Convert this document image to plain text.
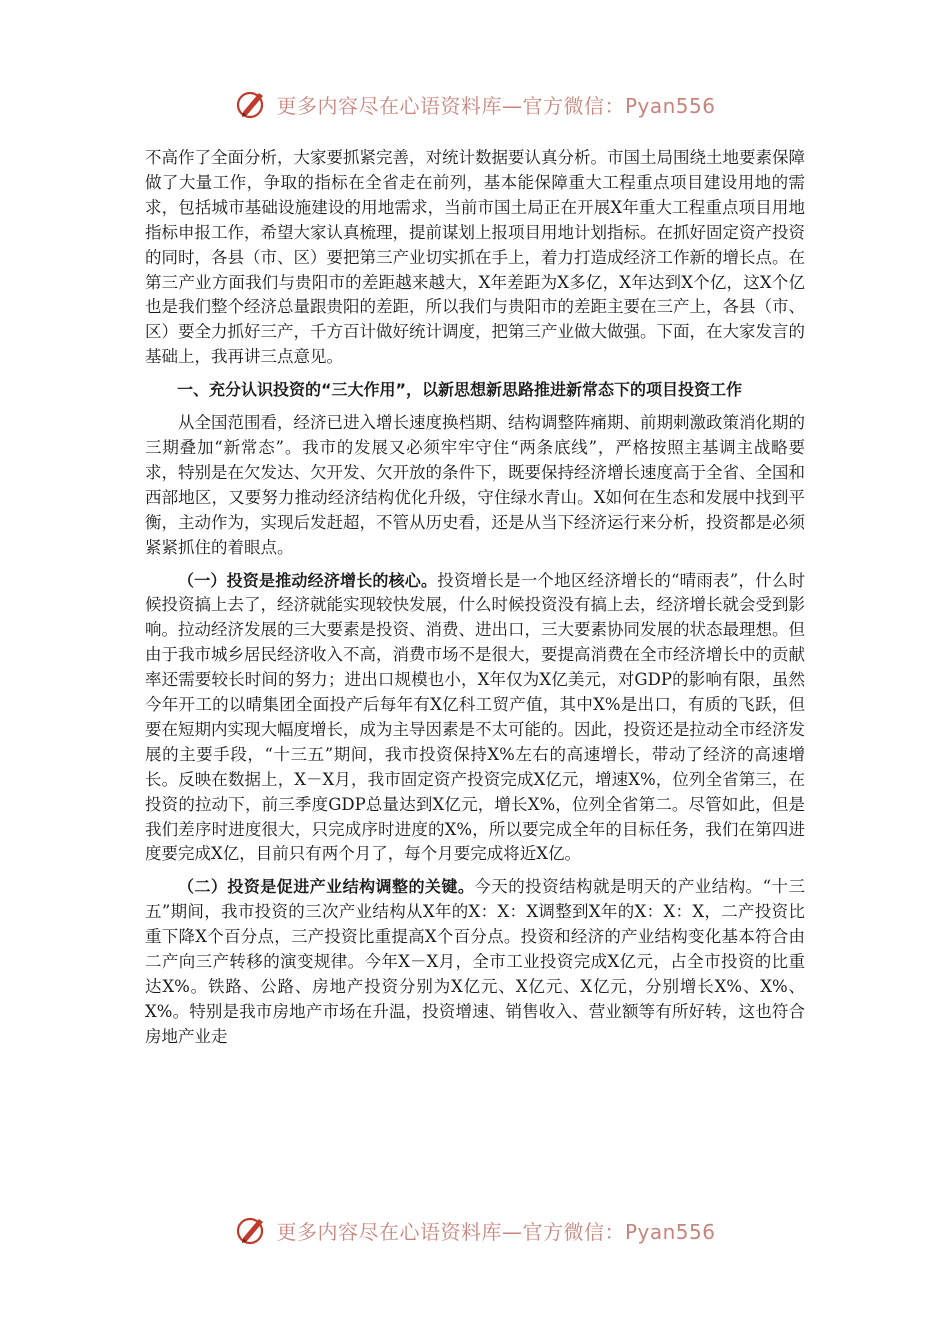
更多内容尽在心语资料库—官方微信：Pyan556

不高作了全面分析，大家要抓紧完善，对统计数据要认真分析。市国土局围绕土地要素保障做了大量工作，争取的指标在全省走在前列，基本能保障重大工程重点项目建设用地的需求，包括城市基础设施建设的用地需求，当前市国土局正在开展X年重大工程重点项目用地指标申报工作，希望大家认真梳理，提前谋划上报项目用地计划指标。在抓好固定资产投资的同时，各县（市、区）要把第三产业切实抓在手上，着力打造成经济工作新的增长点。在第三产业方面我们与贵阳市的差距越来越大，X年差距为X多亿，X年达到X个亿，这X个亿也是我们整个经济总量跟贵阳的差距，所以我们与贵阳市的差距主要在三产上，各县（市、区）要全力抓好三产，千方百计做好统计调度，把第三产业做大做强。下面，在大家发言的基础上，我再讲三点意见。

一、充分认识投资的“三大作用”，以新思想新思路推进新常态下的项目投资工作

从全国范围看，经济已进入增长速度换档期、结构调整阵痛期、前期刺激政策消化期的三期叠加“新常态”。我市的发展又必须牢牢守住“两条底线”，严格按照主基调主战略要求，特别是在欠发达、欠开发、欠开放的条件下，既要保持经济增长速度高于全省、全国和西部地区，又要努力推动经济结构优化升级，守住绿水青山。X如何在生态和发展中找到平衡，主动作为，实现后发赶超，不管从历史看，还是从当下经济运行来分析，投资都是必须紧紧抓住的着眼点。

（一）投资是推动经济增长的核心。投资增长是一个地区经济增长的“晴雨表”，什么时候投资搞上去了，经济就能实现较快发展，什么时候投资没有搞上去，经济增长就会受到影响。拉动经济发展的三大要素是投资、消费、进出口，三大要素协同发展的状态最理想。但由于我市城乡居民经济收入不高，消费市场不是很大，要提高消费在全市经济增长中的贡献率还需要较长时间的努力；进出口规模也小，X年仅为X亿美元，对GDP的影响有限，虽然今年开工的以晴集团全面投产后每年有X亿科工贸产值，其中X%是出口，有质的飞跃，但要在短期内实现大幅度增长，成为主导因素是不太可能的。因此，投资还是拉动全市经济发展的主要手段，“十三五”期间，我市投资保持X%左右的高速增长，带动了经济的高速增长。反映在数据上，X－X月，我市固定资产投资完成X亿元，增速X%，位列全省第三，在投资的拉动下，前三季度GDP总量达到X亿元，增长X%，位列全省第二。尽管如此，但是我们差序时进度很大，只完成序时进度的X%，所以要完成全年的目标任务，我们在第四进度要完成X亿，目前只有两个月了，每个月要完成将近X亿。

（二）投资是促进产业结构调整的关键。今天的投资结构就是明天的产业结构。“十三五”期间，我市投资的三次产业结构从X年的X：X：X调整到X年的X：X：X，二产投资比重下降X个百分点，三产投资比重提高X个百分点。投资和经济的产业结构变化基本符合由二产向三产转移的演变规律。今年X－X月，全市工业投资完成X亿元，占全市投资的比重达X%。铁路、公路、房地产投资分别为X亿元、X亿元、X亿元，分别增长X%、X%、X%。特别是我市房地产市场在升温，投资增速、销售收入、营业额等有所好转，这也符合房地产业走

更多内容尽在心语资料库—官方微信：Pyan556
